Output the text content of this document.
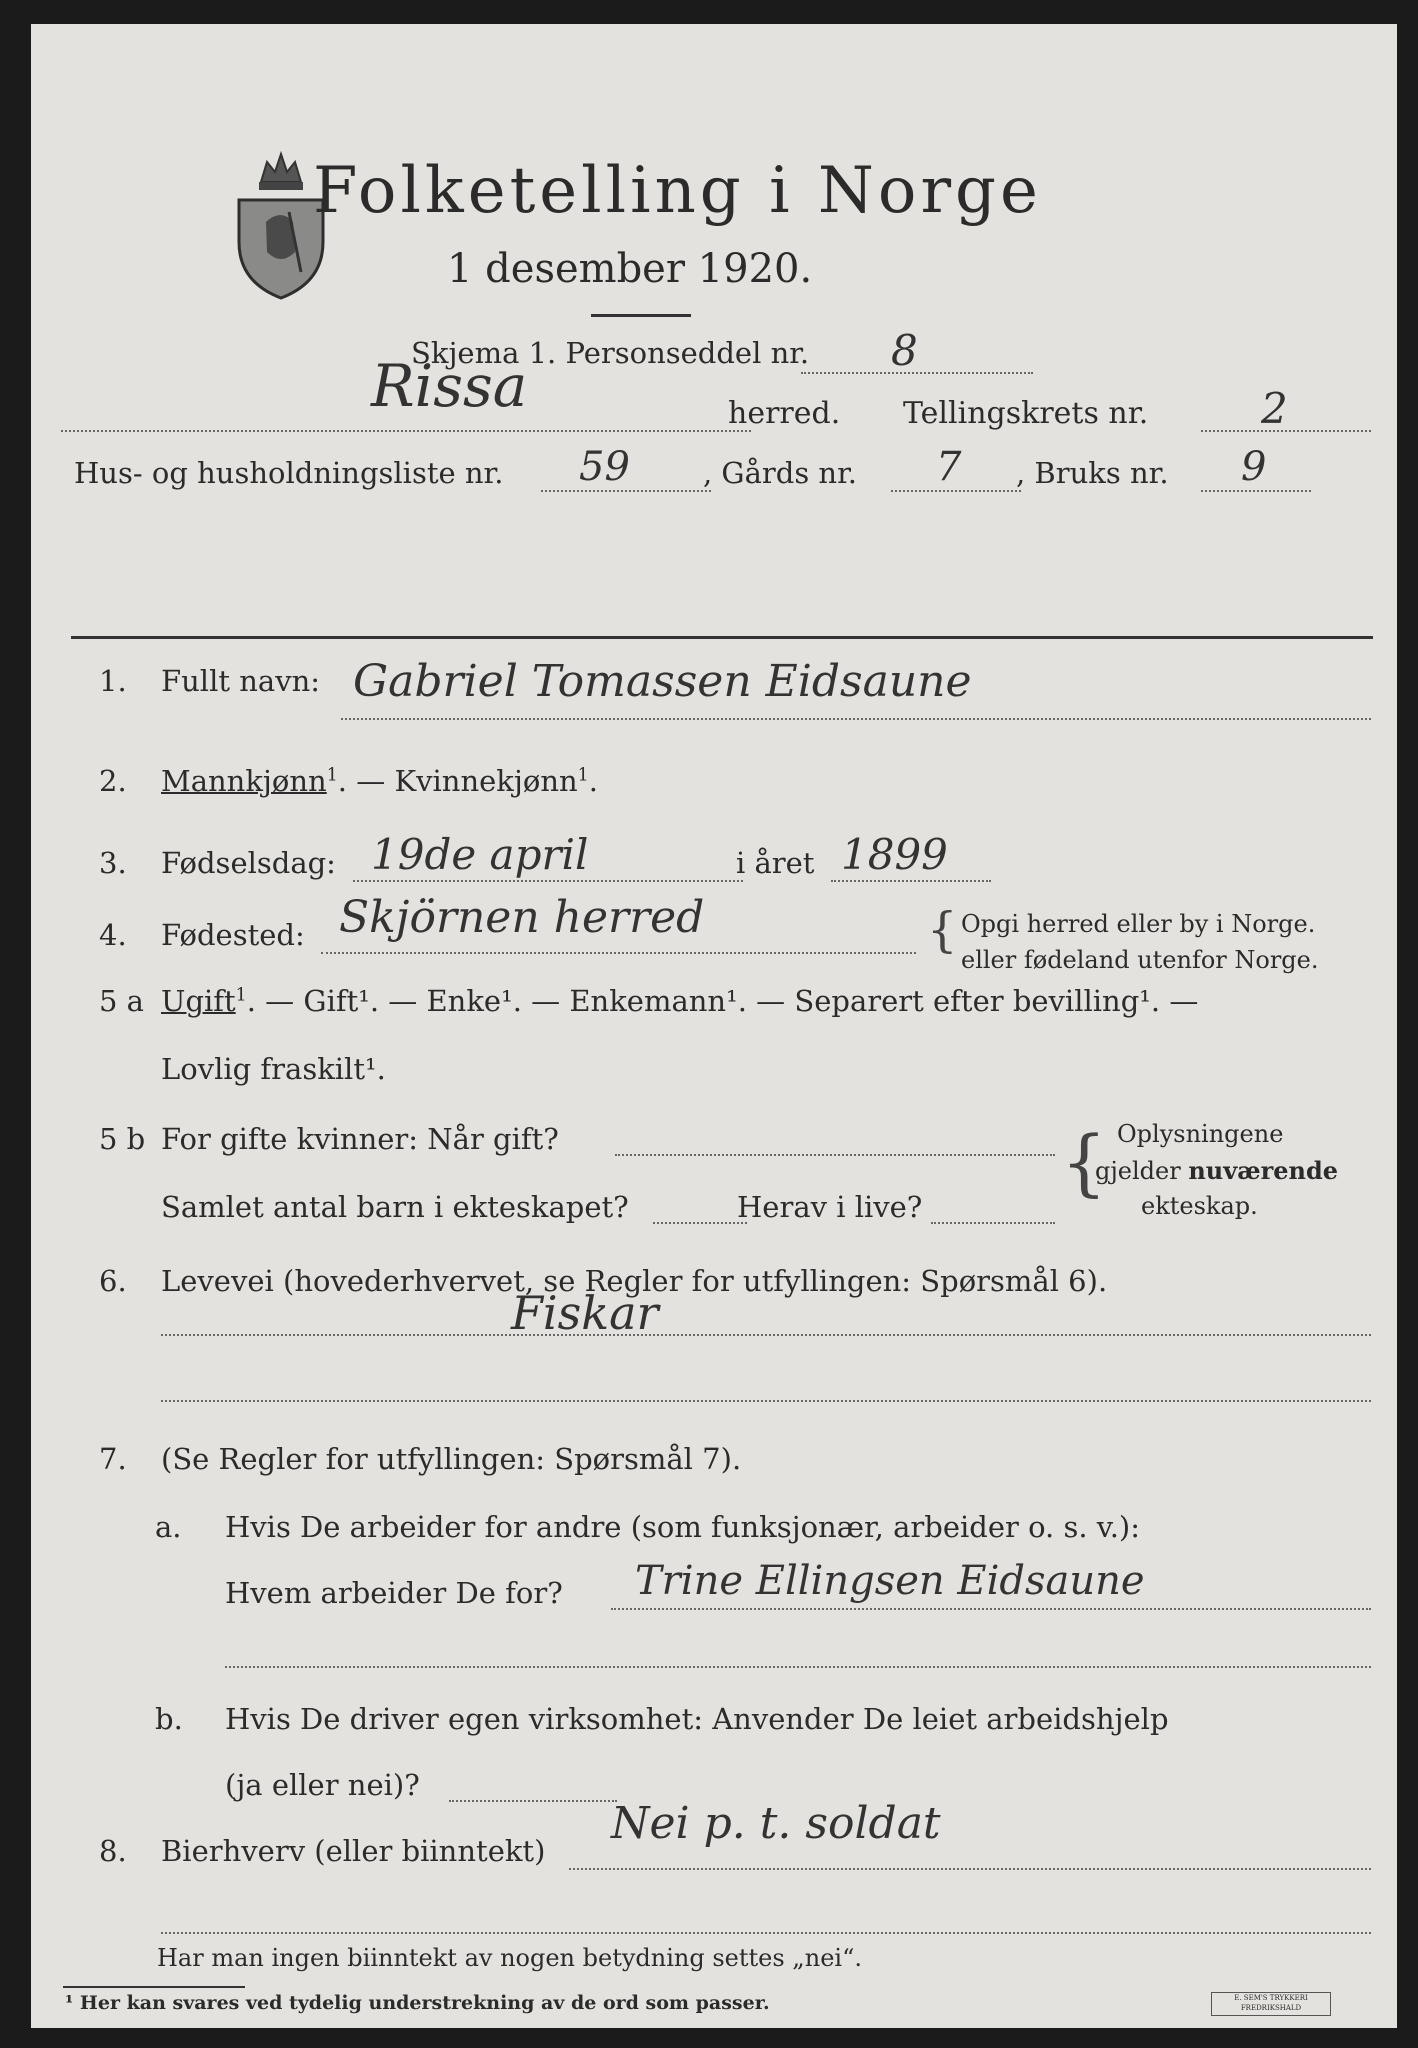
Folketelling i Norge
1 desember 1920.
Skjema 1. Personseddel nr. 8
Rissa	herred. Tellingskrets nr.	2
Hus- og husholdningsliste nr. 59	, Gårds nr. 7 , Bruks nr. 9
1. Fullt navn: Gabriel Tomassen Eidsaune
2. Mannkjønn$^1$. — Kvinnekjønn$^1$.
3. Fødselsdag: 19de april	i året 1899
4. Fødested: Skjörnen herred	{ Opgi herred eller by i Norge.
eller fødeland utenfor Norge.
5 a Ugift$^1$. — Gift¹. — Enke¹. — Enkemann¹. — Separert efter bevilling¹. —
Lovlig fraskilt¹.
5 b For gifte kvinner: Når gift?
Samlet antal barn i ekteskapet?	Herav i live?
{ Oplysningene
gjelder nuværende
ekteskap.
6. Levevei (hovederhvervet, se Regler for utfyllingen: Spørsmål 6).
Fiskar
7. (Se Regler for utfyllingen: Spørsmål 7).
a. Hvis De arbeider for andre (som funksjonær, arbeider o. s. v.):
Hvem arbeider De for? Trine Ellingsen Eidsaune
b. Hvis De driver egen virksomhet: Anvender De leiet arbeidshjelp
(ja eller nei)?
8. Bierhverv (eller biinntekt)
Nei p. t. soldat
Har man ingen biinntekt av nogen betydning settes „nei“.
¹ Her kan svares ved tydelig understrekning av de ord som passer.	E. SEM'S TRYKKERI FREDRIKSHALD
